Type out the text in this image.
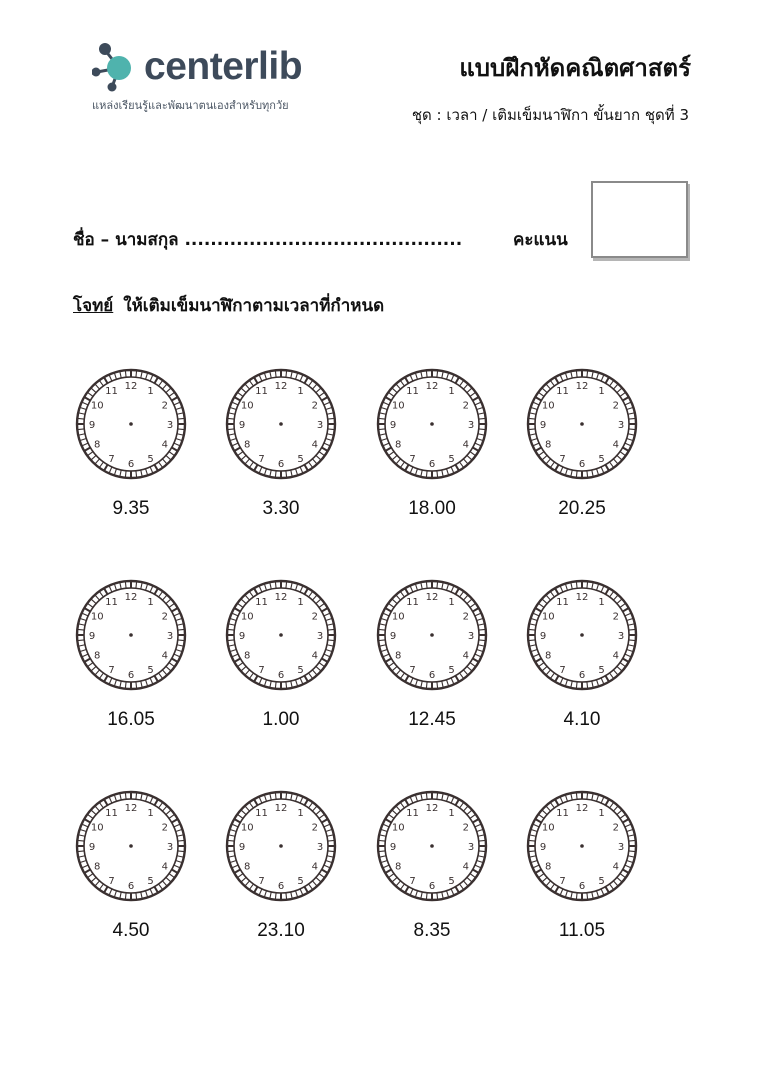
centerlib
แหล่งเรียนรู้และพัฒนาตนเองสำหรับทุกวัย
แบบฝึกหัดคณิตศาสตร์
ชุด : เวลา / เติมเข็มนาฬิกา ขั้นยาก ชุดที่ 3
ชื่อ – นามสกุล ...........................................	คะแนน
โจทย์ ให้เติมเข็มนาฬิกาตามเวลาที่กำหนด
12 1
2
3
4
5
6
7
8
9
10
11
9.35
12 1
2
3
4
5
6
7
8
9
10
11
3.30
12 1
2
3
4
5
6
7
8
9
10
11
18.00
12 1
2
3
4
5
6
7
8
9
10
11
20.25
12 1
2
3
4
5
6
7
8
9
10
11
16.05
12 1
2
3
4
5
6
7
8
9
10
11
1.00
12 1
2
3
4
5
6
7
8
9
10
11
12.45
12 1
2
3
4
5
6
7
8
9
10
11
4.10
12 1
2
3
4
5
6
7
8
9
10
11
4.50
12 1
2
3
4
5
6
7
8
9
10
11
23.10
12 1
2
3
4
5
6
7
8
9
10
11
8.35
12 1
2
3
4
5
6
7
8
9
10
11
11.05
